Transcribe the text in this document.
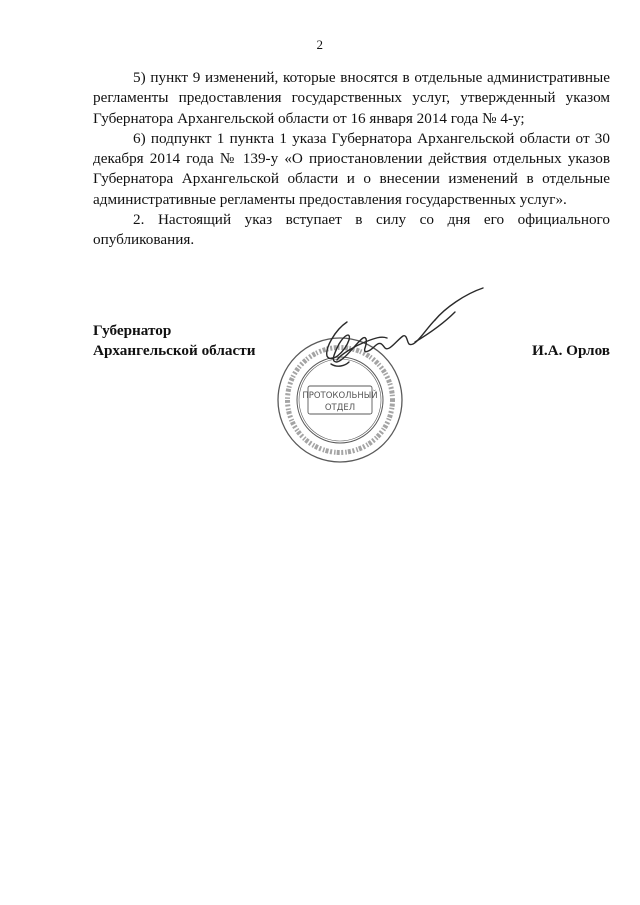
2

5) пункт 9 изменений, которые вносятся в отдельные административные регламенты предоставления государственных услуг, утвержденный указом Губернатора Архангельской области от 16 января 2014 года № 4-у;

6) подпункт 1 пункта 1 указа Губернатора Архангельской области от 30 декабря 2014 года № 139-у «О приостановлении действия отдельных указов Губернатора Архангельской области и о внесении изменений в отдельные административные регламенты предоставления государственных услуг».

2. Настоящий указ вступает в силу со дня его официального опубликования.

Губернатор
Архангельской области	И.А. Орлов
ПРОТОКОЛЬНЫЙ
ОТДЕЛ
